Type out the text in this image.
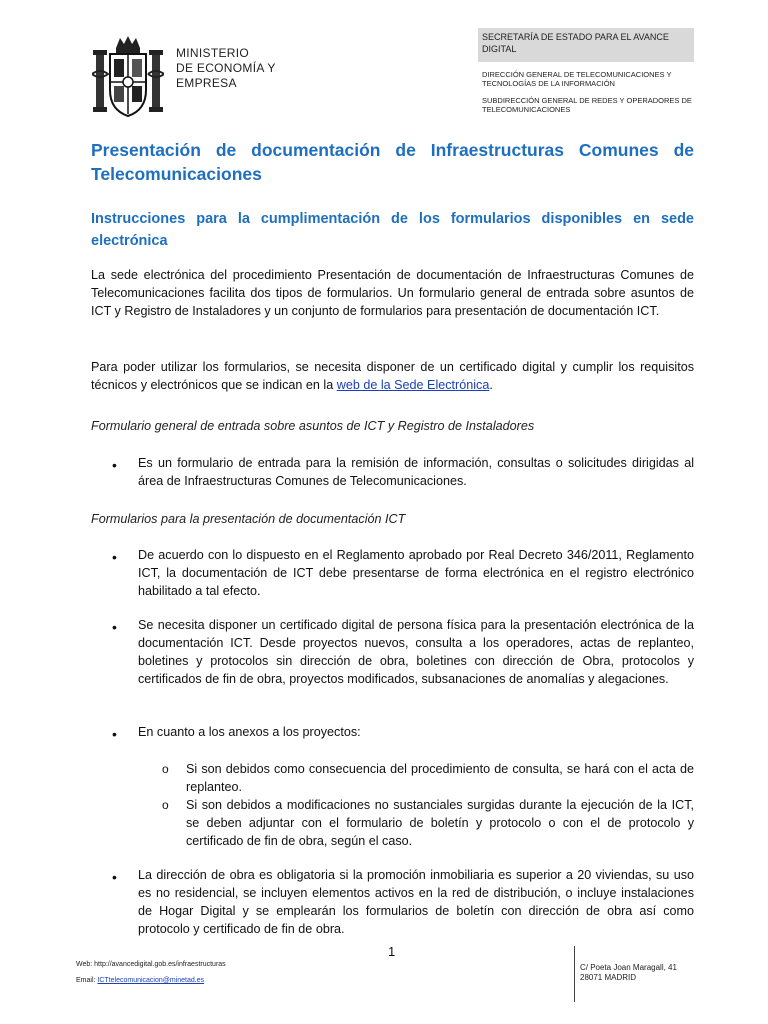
MINISTERIO
DE ECONOMÍA Y
EMPRESA
SECRETARÍA DE ESTADO PARA EL AVANCE DIGITAL
DIRECCIÓN GENERAL DE TELECOMUNICACIONES Y TECNOLOGÍAS DE LA INFORMACIÓN
SUBDIRECCIÓN GENERAL DE REDES Y OPERADORES DE TELECOMUNICACIONES
Presentación de documentación de Infraestructuras Comunes de Telecomunicaciones
Instrucciones para la cumplimentación de los formularios disponibles en sede electrónica
La sede electrónica del procedimiento Presentación de documentación de Infraestructuras Comunes de Telecomunicaciones facilita dos tipos de formularios. Un formulario general de entrada sobre asuntos de ICT y Registro de Instaladores y un conjunto de formularios para presentación de documentación ICT.
Para poder utilizar los formularios, se necesita disponer de un certificado digital y cumplir los requisitos técnicos y electrónicos que se indican en la web de la Sede Electrónica.
Formulario general de entrada sobre asuntos de ICT y Registro de Instaladores
• Es un formulario de entrada para la remisión de información, consultas o solicitudes dirigidas al área de Infraestructuras Comunes de Telecomunicaciones.
Formularios para la presentación de documentación ICT
• De acuerdo con lo dispuesto en el Reglamento aprobado por Real Decreto 346/2011, Reglamento ICT, la documentación de ICT debe presentarse de forma electrónica en el registro electrónico habilitado a tal efecto.
• Se necesita disponer un certificado digital de persona física para la presentación electrónica de la documentación ICT. Desde proyectos nuevos, consulta a los operadores, actas de replanteo, boletines y protocolos sin dirección de obra, boletines con dirección de Obra, protocolos y certificados de fin de obra, proyectos modificados, subsanaciones de anomalías y alegaciones.
• En cuanto a los anexos a los proyectos:
o Si son debidos como consecuencia del procedimiento de consulta, se hará con el acta de replanteo.
o Si son debidos a modificaciones no sustanciales surgidas durante la ejecución de la ICT, se deben adjuntar con el formulario de boletín y protocolo o con el de protocolo y certificado de fin de obra, según el caso.
• La dirección de obra es obligatoria si la promoción inmobiliaria es superior a 20 viviendas, su uso es no residencial, se incluyen elementos activos en la red de distribución, o incluye instalaciones de Hogar Digital y se emplearán los formularios de boletín con dirección de obra así como protocolo y certificado de fin de obra.
1
Web: http://avancedigital.gob.es/infraestructuras
Email: ICTtelecomunicacion@minetad.es
C/ Poeta Joan Maragall, 41
28071 MADRID
